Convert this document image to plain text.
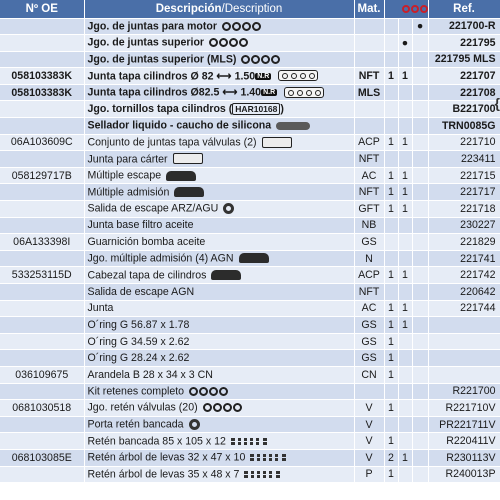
Nº OE	Descripción/Description	Mat.				Ref.
	Jgo. de juntas para motor				●	221700-R
	Jgo. de juntas superior			●		221795
	Jgo. de juntas superior (MLS)					221795 MLS
058103383K	Junta tapa cilindros Ø 82 ⟷ 1.50 N.R	NFT	1	1		221707
058103383K	Junta tapa cilindros Ø82.5 ⟷ 1.40 N.R	MLS				221708
	Jgo. tornillos tapa cilindros ( HAR10168 )					B221700
	Sellador liquido - caucho de silicona					TRN0085G
06A103609C	Conjunto de juntas tapa válvulas (2)	ACP	1	1		221710
	Junta para cárter	NFT				223411
058129717B	Múltiple escape	AC	1	1		221715
	Múltiple admisión	NFT	1	1		221717
	Salida de escape ARZ/AGU	GFT	1	1		221718
	Junta base filtro aceite	NB				230227
06A133398I	Guarnición bomba aceite	GS				221829
	Jgo. múltiple admisión (4) AGN	N				221741
533253115D	Cabezal tapa de cilindros	ACP	1	1		221742
	Salida de escape AGN	NFT				220642
	Junta	AC	1	1		221744
	O´ring G 56.87 x 1.78	GS	1	1		
	O´ring G 34.59 x 2.62	GS	1			
	O´ring G 28.24 x 2.62	GS	1			
036109675	Arandela B 28 x 34 x 3 CN	CN	1			
	Kit retenes completo					R221700
0681030518	Jgo. retén válvulas (20)	V	1			R221710V
	Porta retén bancada	V				PR221711V
	Retén bancada 85 x 105 x 12	V	1			R220411V
068103085E	Retén árbol de levas 32 x 47 x 10	V	2	1		R230113V
	Retén árbol de levas 35 x 48 x 7	P	1			R240013P
{
